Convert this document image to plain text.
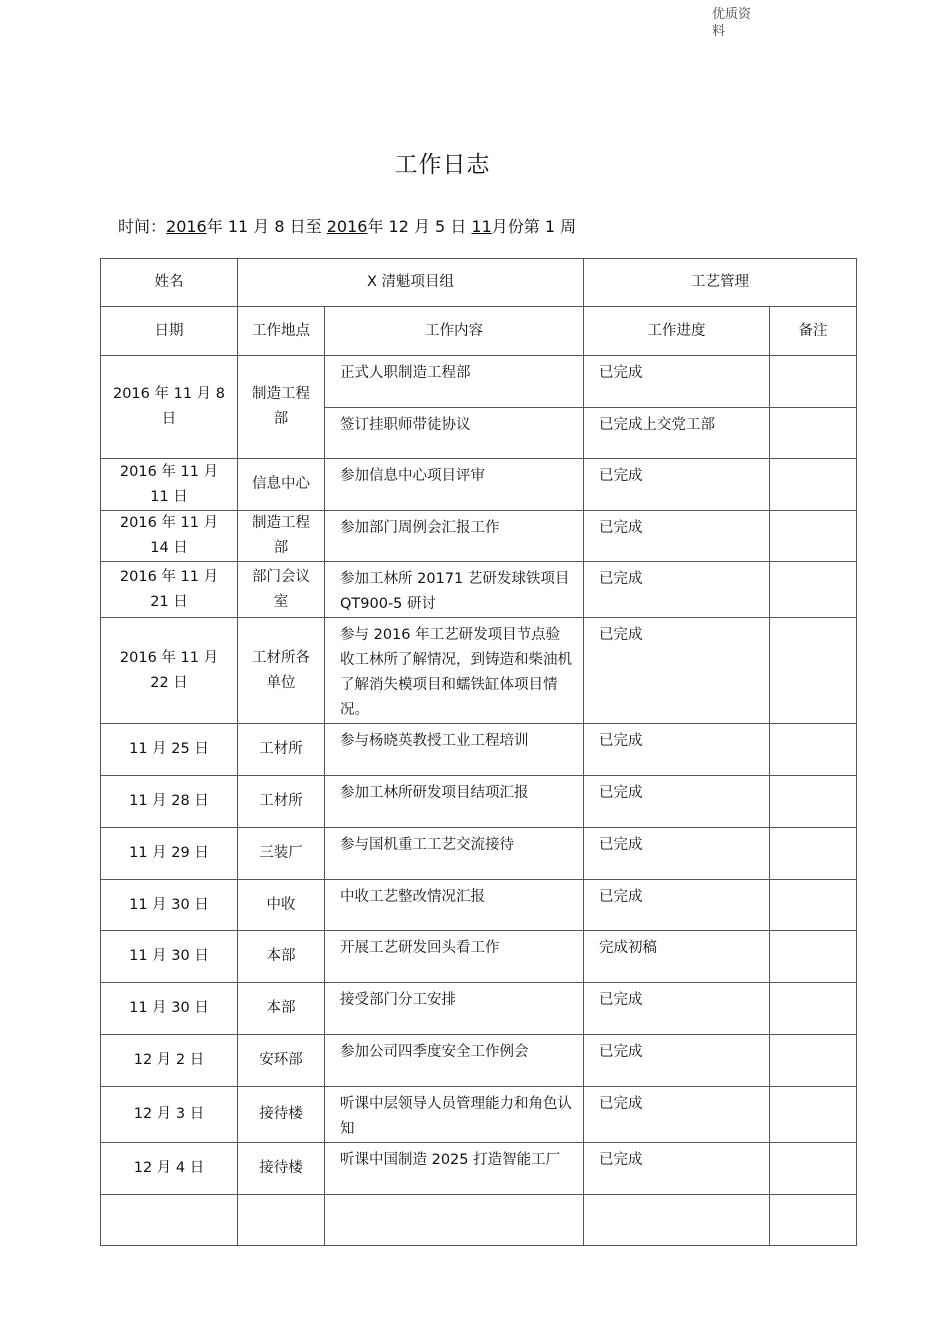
优质资料
工作日志
时间：2016年 11 月 8 日至 2016年 12 月 5 日 11月份第 1 周
姓名	X 清魁项目组		工艺管理	
日期	工作地点	工作内容	工作进度	备注
2016 年 11 月 8 日	制造工程部	正式人职制造工程部	已完成	
		签订挂职师带徒协议	已完成上交党工部	
2016 年 11 月 11 日	信息中心	参加信息中心项目评审	已完成	
2016 年 11 月 14 日	制造工程部	参加部门周例会汇报工作	已完成	
2016 年 11 月 21 日	部门会议室	参加工林所 20171 艺研发球铁项目 QT900-5 研讨	已完成	
2016 年 11 月 22 日	工材所各单位	参与 2016 年工艺研发项目节点验收工林所了解情况，到铸造和柴油机了解消失模项目和蠕铁缸体项目情况。	已完成	
11 月 25 日	工材所	参与杨晓英教授工业工程培训	已完成	
11 月 28 日	工材所	参加工林所研发项目结项汇报	已完成	
11 月 29 日	三装厂	参与国机重工工艺交流接待	已完成	
11 月 30 日	中收	中收工艺整改情况汇报	已完成	
11 月 30 日	本部	开展工艺研发回头看工作	完成初稿	
11 月 30 日	本部	接受部门分工安排	已完成	
12 月 2 日	安环部	参加公司四季度安全工作例会	已完成	
12 月 3 日	接待楼	听课中层领导人员管理能力和角色认知	已完成	
12 月 4 日	接待楼	听课中国制造 2025 打造智能工厂	已完成	
